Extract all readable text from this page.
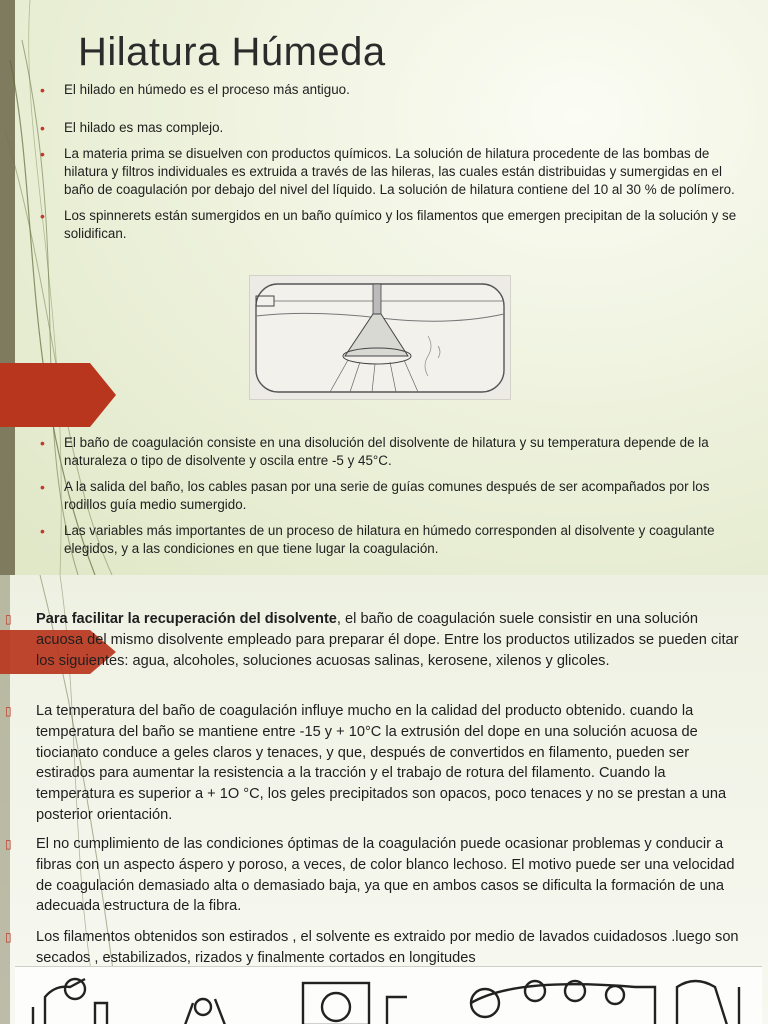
Hilatura Húmeda
• El hilado en húmedo es el proceso más antiguo.
• El hilado es mas complejo.
• La materia prima se disuelven con productos químicos. La solución de hilatura procedente de las bombas de hilatura y filtros individuales es extruida a través de las hileras, las cuales están distribuidas y sumergidas en el baño de coagulación por debajo del nivel del líquido. La solución de hilatura contiene del 10 al 30 % de polímero.
• Los spinnerets están sumergidos en un baño químico y los filamentos que emergen precipitan de la solución y se solidifican.
• El baño de coagulación consiste en una disolución del disolvente de hilatura y su temperatura depende de la naturaleza o tipo de disolvente y oscila entre -5 y 45°C.
• A la salida del baño, los cables pasan por una serie de guías comunes después de ser acompañados por los rodillos guía medio sumergido.
• Las variables más importantes de un proceso de hilatura en húmedo corresponden al disolvente y coagulante elegidos, y a las condiciones en que tiene lugar la coagulación.

▯ Para facilitar la recuperación del disolvente, el baño de coagulación suele consistir en una solución acuosa del mismo disolvente empleado para preparar él dope. Entre los productos utilizados se pueden citar los siguientes: agua, alcoholes, soluciones acuosas salinas, kerosene, xilenos y glicoles.

▯ La temperatura del baño de coagulación influye mucho en la calidad del producto obtenido. cuando la temperatura del baño se mantiene entre -15 y + 10°C la extrusión del dope en una solución acuosa de tiocianato conduce a geles claros y tenaces, y que, después de convertidos en filamento, pueden ser estirados para aumentar la resistencia a la tracción y el trabajo de rotura del filamento. Cuando la temperatura es superior a + 1O °C, los geles precipitados son opacos, poco tenaces y no se prestan a una posterior orientación.

▯ El no cumplimiento de las condiciones óptimas de la coagulación puede ocasionar problemas y conducir a fibras con un aspecto áspero y poroso, a veces, de color blanco lechoso. El motivo puede ser una velocidad de coagulación demasiado alta o demasiado baja, ya que en ambos casos se dificulta la formación de una adecuada estructura de la fibra.

▯ Los filamentos obtenidos son estirados , el solvente es extraido por medio de lavados cuidadosos .luego son secados , estabilizados, rizados y finalmente cortados en longitudes
